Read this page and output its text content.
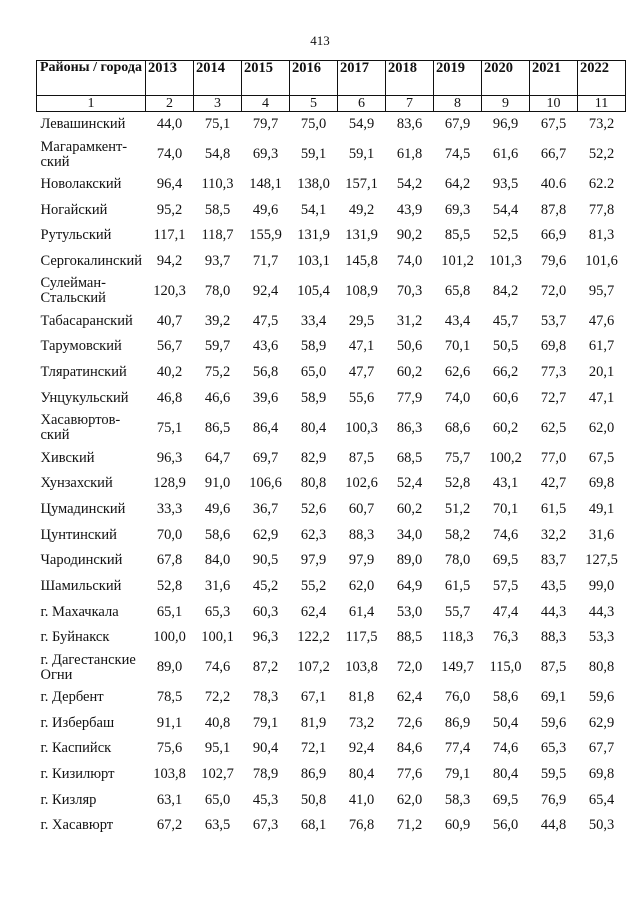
413
Районы / города	2013	2014	2015	2016	2017	2018	2019	2020	2021	2022
1	2	3	4	5	6	7	8	9	10	11
Левашинский	44,0	75,1	79,7	75,0	54,9	83,6	67,9	96,9	67,5	73,2
Магарамкент-ский	74,0	54,8	69,3	59,1	59,1	61,8	74,5	61,6	66,7	52,2
Новолакский	96,4	110,3	148,1	138,0	157,1	54,2	64,2	93,5	40.6	62.2
Ногайский	95,2	58,5	49,6	54,1	49,2	43,9	69,3	54,4	87,8	77,8
Рутульский	117,1	118,7	155,9	131,9	131,9	90,2	85,5	52,5	66,9	81,3
Сергокалинский	94,2	93,7	71,7	103,1	145,8	74,0	101,2	101,3	79,6	101,6
Сулейман-Стальский	120,3	78,0	92,4	105,4	108,9	70,3	65,8	84,2	72,0	95,7
Табасаранский	40,7	39,2	47,5	33,4	29,5	31,2	43,4	45,7	53,7	47,6
Тарумовский	56,7	59,7	43,6	58,9	47,1	50,6	70,1	50,5	69,8	61,7
Тляратинский	40,2	75,2	56,8	65,0	47,7	60,2	62,6	66,2	77,3	20,1
Унцукульский	46,8	46,6	39,6	58,9	55,6	77,9	74,0	60,6	72,7	47,1
Хасавюртов-ский	75,1	86,5	86,4	80,4	100,3	86,3	68,6	60,2	62,5	62,0
Хивский	96,3	64,7	69,7	82,9	87,5	68,5	75,7	100,2	77,0	67,5
Хунзахский	128,9	91,0	106,6	80,8	102,6	52,4	52,8	43,1	42,7	69,8
Цумадинский	33,3	49,6	36,7	52,6	60,7	60,2	51,2	70,1	61,5	49,1
Цунтинский	70,0	58,6	62,9	62,3	88,3	34,0	58,2	74,6	32,2	31,6
Чародинский	67,8	84,0	90,5	97,9	97,9	89,0	78,0	69,5	83,7	127,5
Шамильский	52,8	31,6	45,2	55,2	62,0	64,9	61,5	57,5	43,5	99,0
г. Махачкала	65,1	65,3	60,3	62,4	61,4	53,0	55,7	47,4	44,3	44,3
г. Буйнакск	100,0	100,1	96,3	122,2	117,5	88,5	118,3	76,3	88,3	53,3
г. Дагестанские Огни	89,0	74,6	87,2	107,2	103,8	72,0	149,7	115,0	87,5	80,8
г. Дербент	78,5	72,2	78,3	67,1	81,8	62,4	76,0	58,6	69,1	59,6
г. Избербаш	91,1	40,8	79,1	81,9	73,2	72,6	86,9	50,4	59,6	62,9
г. Каспийск	75,6	95,1	90,4	72,1	92,4	84,6	77,4	74,6	65,3	67,7
г. Кизилюрт	103,8	102,7	78,9	86,9	80,4	77,6	79,1	80,4	59,5	69,8
г. Кизляр	63,1	65,0	45,3	50,8	41,0	62,0	58,3	69,5	76,9	65,4
г. Хасавюрт	67,2	63,5	67,3	68,1	76,8	71,2	60,9	56,0	44,8	50,3
